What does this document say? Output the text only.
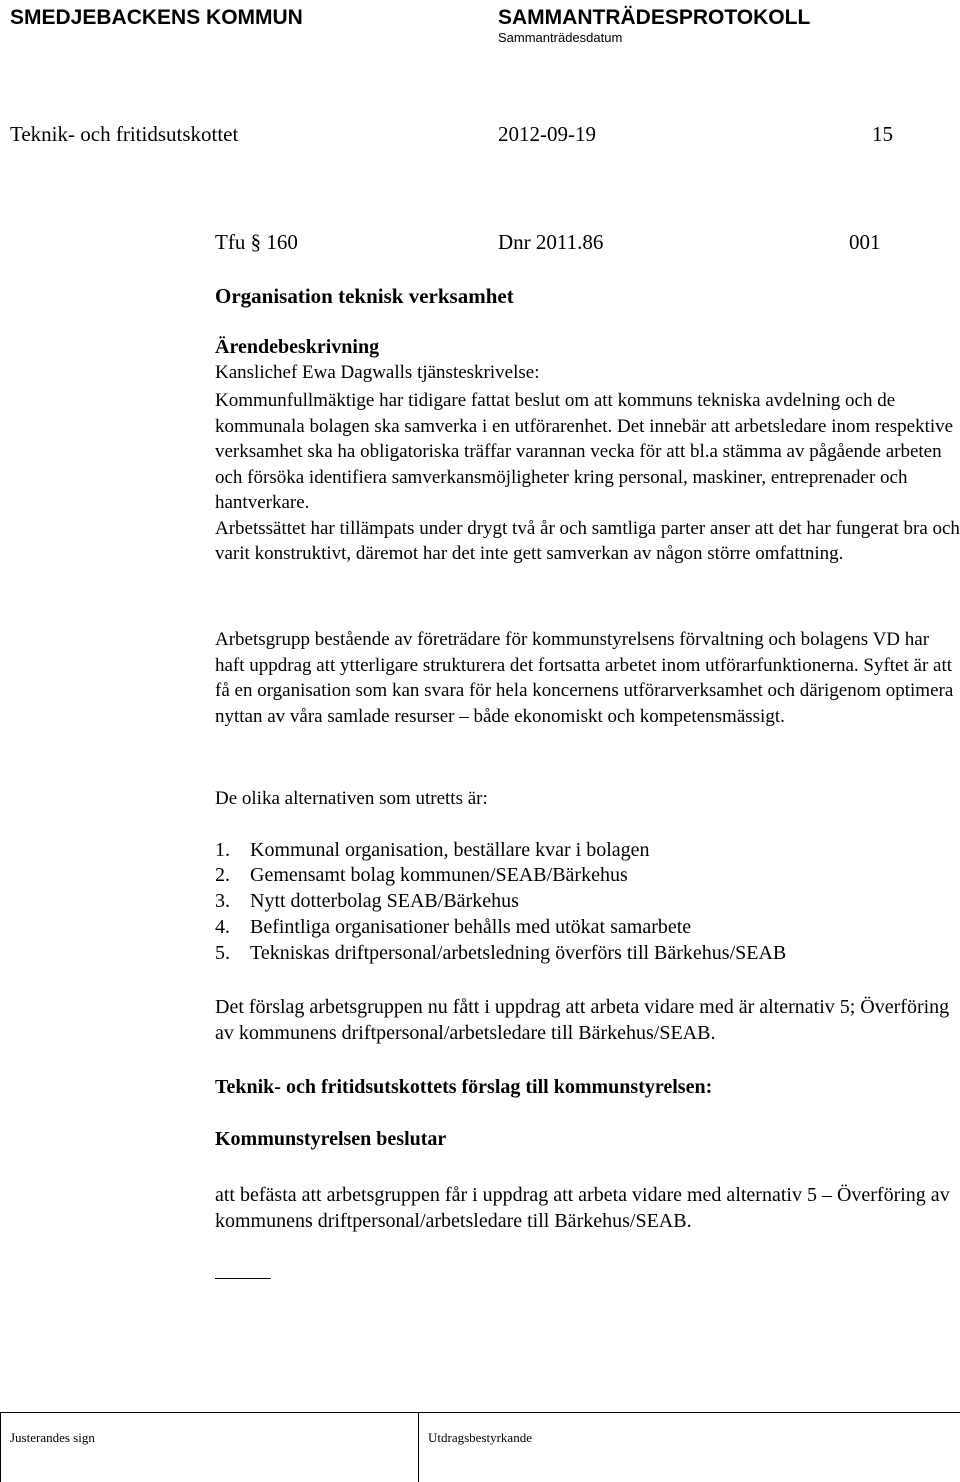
SMEDJEBACKENS KOMMUN	SAMMANTRÄDESPROTOKOLL
Sammanträdesdatum
Teknik- och fritidsutskottet	2012-09-19	15
Tfu § 160	Dnr 2011.86	001
Organisation teknisk verksamhet
Ärendebeskrivning
Kanslichef Ewa Dagwalls tjänsteskrivelse:

Kommunfullmäktige har tidigare fattat beslut om att kommuns tekniska avdelning och de kommunala bolagen ska samverka i en utförarenhet. Det innebär att arbetsledare inom respektive verksamhet ska ha obligatoriska träffar varannan vecka för att bl.a stämma av pågående arbeten och försöka identifiera samverkansmöjligheter kring personal, maskiner, entreprenader och hantverkare.

Arbetssättet har tillämpats under drygt två år och samtliga parter anser att det har fungerat bra och varit konstruktivt, däremot har det inte gett samverkan av någon större omfattning.

Arbetsgrupp bestående av företrädare för kommunstyrelsens förvaltning och bolagens VD har haft uppdrag att ytterligare strukturera det fortsatta arbetet inom utförarfunktionerna. Syftet är att få en organisation som kan svara för hela koncernens utförarverksamhet och därigenom optimera nyttan av våra samlade resurser – både ekonomiskt och kompetensmässigt.

De olika alternativen som utretts är:
1. Kommunal organisation, beställare kvar i bolagen
2. Gemensamt bolag kommunen/SEAB/Bärkehus
3. Nytt dotterbolag SEAB/Bärkehus
4. Befintliga organisationer behålls med utökat samarbete
5. Tekniskas driftpersonal/arbetsledning överförs till Bärkehus/SEAB

Det förslag arbetsgruppen nu fått i uppdrag att arbeta vidare med är alternativ 5; Överföring av kommunens driftpersonal/arbetsledare till Bärkehus/SEAB.

Teknik- och fritidsutskottets förslag till kommunstyrelsen:
Kommunstyrelsen beslutar

att befästa att arbetsgruppen får i uppdrag att arbeta vidare med alternativ 5 – Överföring av kommunens driftpersonal/arbetsledare till Bärkehus/SEAB.

Justerandes sign	Utdragsbestyrkande
